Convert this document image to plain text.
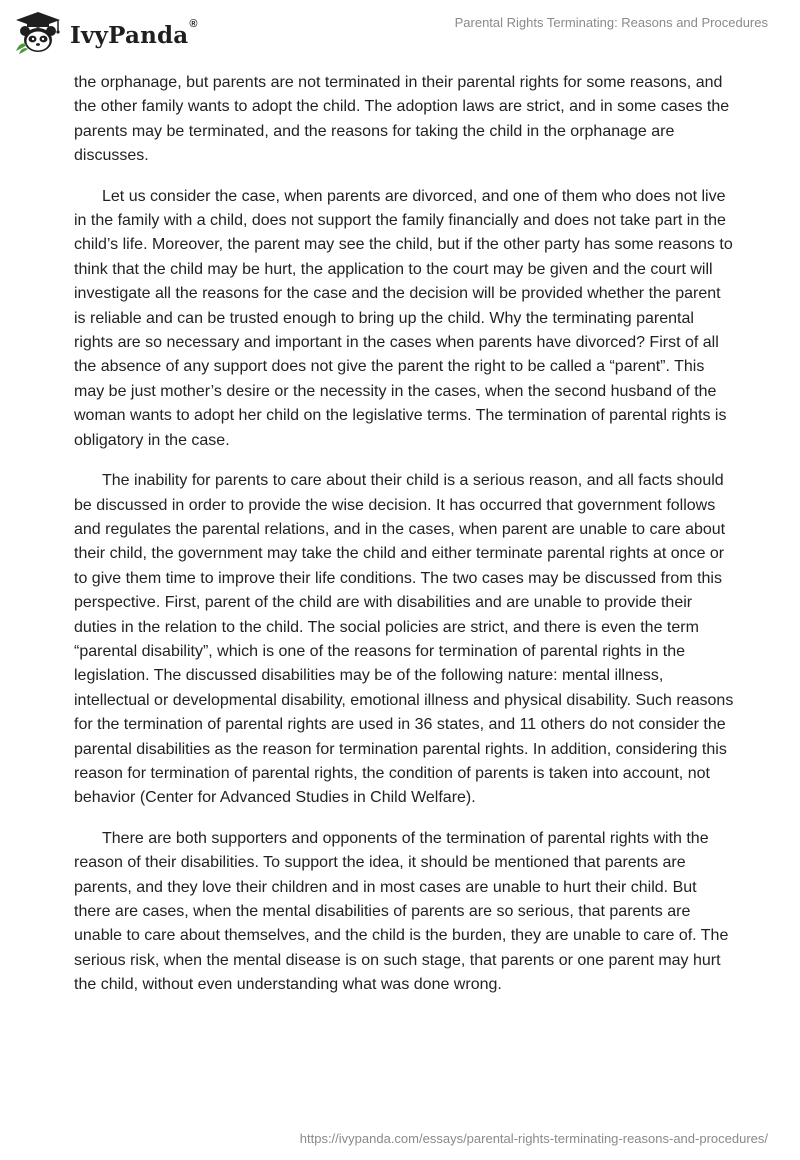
IvyPanda®	Parental Rights Terminating: Reasons and Procedures

the orphanage, but parents are not terminated in their parental rights for some reasons, and the other family wants to adopt the child. The adoption laws are strict, and in some cases the parents may be terminated, and the reasons for taking the child in the orphanage are discusses.

Let us consider the case, when parents are divorced, and one of them who does not live in the family with a child, does not support the family financially and does not take part in the child’s life. Moreover, the parent may see the child, but if the other party has some reasons to think that the child may be hurt, the application to the court may be given and the court will investigate all the reasons for the case and the decision will be provided whether the parent is reliable and can be trusted enough to bring up the child. Why the terminating parental rights are so necessary and important in the cases when parents have divorced? First of all the absence of any support does not give the parent the right to be called a “parent”. This may be just mother’s desire or the necessity in the cases, when the second husband of the woman wants to adopt her child on the legislative terms. The termination of parental rights is obligatory in the case.

The inability for parents to care about their child is a serious reason, and all facts should be discussed in order to provide the wise decision. It has occurred that government follows and regulates the parental relations, and in the cases, when parent are unable to care about their child, the government may take the child and either terminate parental rights at once or to give them time to improve their life conditions. The two cases may be discussed from this perspective. First, parent of the child are with disabilities and are unable to provide their duties in the relation to the child. The social policies are strict, and there is even the term “parental disability”, which is one of the reasons for termination of parental rights in the legislation. The discussed disabilities may be of the following nature: mental illness, intellectual or developmental disability, emotional illness and physical disability. Such reasons for the termination of parental rights are used in 36 states, and 11 others do not consider the parental disabilities as the reason for termination parental rights. In addition, considering this reason for termination of parental rights, the condition of parents is taken into account, not behavior (Center for Advanced Studies in Child Welfare).

There are both supporters and opponents of the termination of parental rights with the reason of their disabilities. To support the idea, it should be mentioned that parents are parents, and they love their children and in most cases are unable to hurt their child. But there are cases, when the mental disabilities of parents are so serious, that parents are unable to care about themselves, and the child is the burden, they are unable to care of. The serious risk, when the mental disease is on such stage, that parents or one parent may hurt the child, without even understanding what was done wrong.

https://ivypanda.com/essays/parental-rights-terminating-reasons-and-procedures/
